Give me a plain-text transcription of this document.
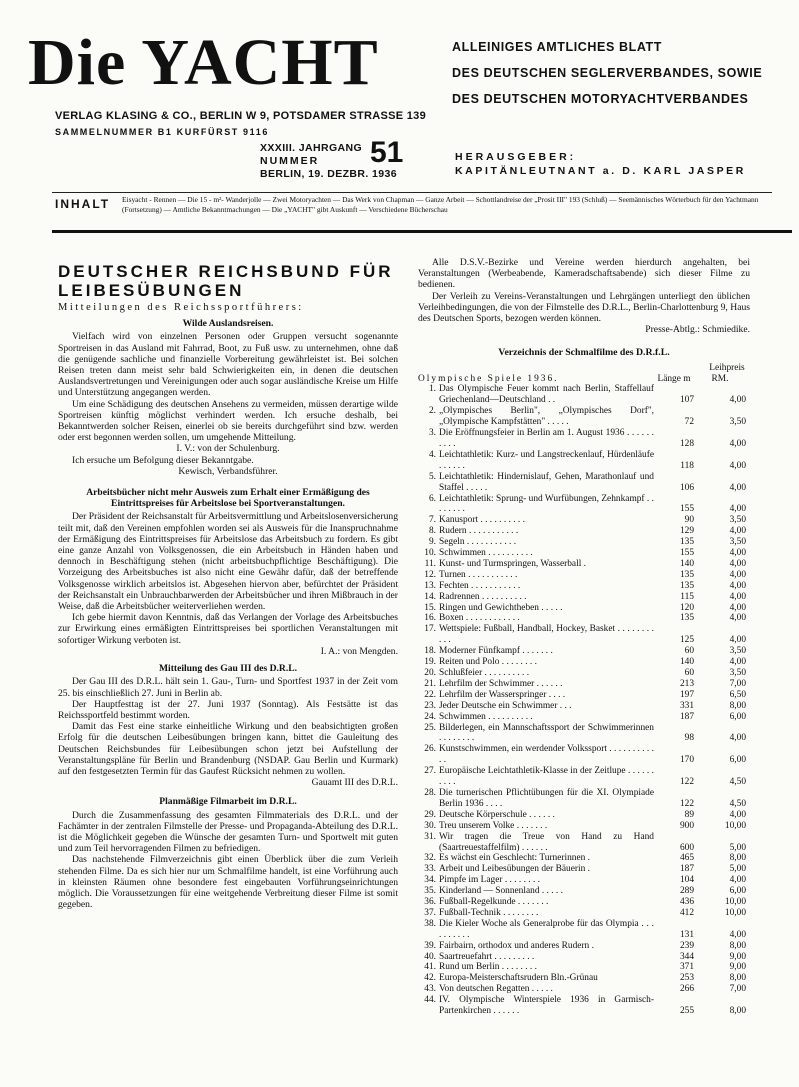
Die YACHT	ALLEINIGES AMTLICHES BLATT
DES DEUTSCHEN SEGLERVERBANDES, SOWIE
DES DEUTSCHEN MOTORYACHTVERBANDES
VERLAG KLASING & CO., BERLIN W 9, POTSDAMER STRASSE 139
SAMMELNUMMER B1 KURFÜRST 9116
XXXIII. JAHRGANG
NUMMER
BERLIN, 19. DEZBR. 1936
51	HERAUSGEBER:
KAPITÄNLEUTNANT a. D. KARL JASPER
INHALT Eisyacht - Rennen — Die 15 - m²- Wanderjolle — Zwei Motoryachten — Das Werk von Chapman — Ganze Arbeit — Schottlandreise der „Prosit III" 193 (Schluß) — Seemännisches Wörterbuch für den Yachtmann (Fortsetzung) — Amtliche Bekanntmachungen — Die „YACHT" gibt Auskunft — Verschiedene Bücherschau
DEUTSCHER REICHSBUND FÜR LEIBESÜBUNGEN
Mitteilungen des Reichssportführers:
Wilde Auslandsreisen.

Vielfach wird von einzelnen Personen oder Gruppen versucht sogenannte Sportreisen in das Ausland mit Fahrrad, Boot, zu Fuß usw. zu unternehmen, ohne daß die genügende sachliche und finanzielle Vorbereitung gewährleistet ist. Bei solchen Reisen treten dann meist sehr bald Schwierigkeiten ein, in denen die deutschen Auslandsvertretungen und Vereinigungen oder auch sogar ausländische Kreise um Hilfe und Unterstützung angegangen werden.

Um eine Schädigung des deutschen Ansehens zu vermeiden, müssen derartige wilde Sportreisen künftig möglichst verhindert werden. Ich ersuche deshalb, bei Bekanntwerden solcher Reisen, einerlei ob sie bereits durchgeführt sind bzw. werden oder erst begonnen werden sollen, um umgehende Mitteilung.

I. V.: von der Schulenburg.

Ich ersuche um Befolgung dieser Bekanntgabe.

Kewisch, Verbandsführer.

Arbeitsbücher nicht mehr Ausweis zum Erhalt einer Ermäßigung des Eintrittspreises für Arbeitslose bei Sportveranstaltungen.

Der Präsident der Reichsanstalt für Arbeitsvermittlung und Arbeitslosenversicherung teilt mit, daß den Vereinen empfohlen worden sei als Ausweis für die Inanspruchnahme der Ermäßigung des Eintrittspreises für Arbeitslose das Arbeitsbuch zu fordern. Es gibt eine ganze Anzahl von Volksgenossen, die ein Arbeitsbuch in Händen haben und dennoch in Beschäftigung stehen (nicht arbeitsbuchpflichtige Beschäftigung). Die Vorzeigung des Arbeitsbuches ist also nicht eine Gewähr dafür, daß der betreffende Volksgenosse wirklich arbeitslos ist. Abgesehen hiervon aber, befürchtet der Präsident der Reichsanstalt ein Unbrauchbarwerden der Arbeitsbücher und ihren Mißbrauch in der Weise, daß die Arbeitsbücher weiterverliehen werden.

Ich gebe hiermit davon Kenntnis, daß das Verlangen der Vorlage des Arbeitsbuches zur Erwirkung eines ermäßigten Eintrittspreises bei sportlichen Veranstaltungen mit sofortiger Wirkung verboten ist.

I. A.: von Mengden.

Mitteilung des Gau III des D.R.L.

Der Gau III des D.R.L. hält sein 1. Gau-, Turn- und Sportfest 1937 in der Zeit vom 25. bis einschließlich 27. Juni in Berlin ab.

Der Hauptfesttag ist der 27. Juni 1937 (Sonntag). Als Festsätte ist das Reichssportfeld bestimmt worden.

Damit das Fest eine starke einheitliche Wirkung und den beabsichtigten großen Erfolg für die deutschen Leibesübungen bringen kann, bittet die Gauleitung des Deutschen Reichsbundes für Leibesübungen schon jetzt bei Aufstellung der Veranstaltungspläne für Berlin und Brandenburg (NSDAP. Gau Berlin und Kurmark) auf den festgesetzten Termin für das Gaufest Rücksicht nehmen zu wollen.

Gauamt III des D.R.L.

Planmäßige Filmarbeit im D.R.L.

Durch die Zusammenfassung des gesamten Filmmaterials des D.R.L. und der Fachämter in der zentralen Filmstelle der Presse- und Propaganda-Abteilung des D.R.L. ist die Möglichkeit gegeben die Wünsche der gesamten Turn- und Sportwelt mit guten und zum Teil hervorragenden Filmen zu befriedigen.

Das nachstehende Filmverzeichnis gibt einen Überblick über die zum Verleih stehenden Filme. Da es sich hier nur um Schmalfilme handelt, ist eine Vorführung auch in kleinsten Räumen ohne besondere fest eingebauten Vorführungseinrichtungen möglich. Die Voraussetzungen für eine weitgehende Verbreitung dieser Filme ist somit gegeben.

Alle D.S.V.-Bezirke und Vereine werden hierdurch angehalten, bei Veranstaltungen (Werbeabende, Kameradschaftsabende) sich dieser Filme zu bedienen.

Der Verleih zu Vereins-Veranstaltungen und Lehrgängen unterliegt den üblichen Verleihbedingungen, die von der Filmstelle des D.R.L., Berlin-Charlottenburg 9, Haus des Deutschen Sports, bezogen werden können.

Presse-Abtlg.: Schmiedike.

Verzeichnis der Schmalfilme des D.R.f.L.
Olympische Spiele 1936.		Länge m	Leihpreis RM.
1.	Das Olympische Feuer kommt nach Berlin, Staffellauf Griechenland—Deutschland . .	107	4,00
2.	„Olympisches Berlin", „Olympisches Dorf", „Olympische Kampfstätten" . . . . .	72	3,50
3.	Die Eröffnungsfeier in Berlin am 1. August 1936 . . . . . . . . . .	128	4,00
4.	Leichtathletik: Kurz- und Langstreckenlauf, Hürdenläufe . . . . . .	118	4,00
5.	Leichtathletik: Hindernislauf, Gehen, Marathonlauf und Staffel . . . . .	106	4,00
6.	Leichtathletik: Sprung- und Wurfübungen, Zehnkampf . . . . . . . .	155	4,00
7.	Kanusport . . . . . . . . . .	90	3,50
8.	Rudern . . . . . . . . . . .	129	4,00
9.	Segeln . . . . . . . . . . .	135	3,50
10.	Schwimmen . . . . . . . . . .	155	4,00
11.	Kunst- und Turmspringen, Wasserball .	140	4,00
12.	Turnen . . . . . . . . . . .	135	4,00
13.	Fechten . . . . . . . . . . .	135	4,00
14.	Radrennen . . . . . . . . . .	115	4,00
15.	Ringen und Gewichtheben . . . . .	120	4,00
16.	Boxen . . . . . . . . . . . .	135	4,00
17.	Wettspiele: Fußball, Handball, Hockey, Basket . . . . . . . . . . .	125	4,00
18.	Moderner Fünfkampf . . . . . . .	60	3,50
19.	Reiten und Polo . . . . . . . .	140	4,00
20.	Schlußfeier . . . . . . . . . .	60	3,50
21.	Lehrfilm der Schwimmer . . . . . .	213	7,00
22.	Lehrfilm der Wasserspringer . . . .	197	6,50
23.	Jeder Deutsche ein Schwimmer . . .	331	8,00
24.	Schwimmen . . . . . . . . . .	187	6,00
25.	Bilderlegen, ein Mannschaftssport der Schwimmerinnen . . . . . . . .	98	4,00
26.	Kunstschwimmen, ein werdender Volkssport . . . . . . . . . . . .	170	6,00
27.	Europäische Leichtathletik-Klasse in der Zeitlupe . . . . . . . . . .	122	4,50
28.	Die turnerischen Pflichtübungen für die XI. Olympiade Berlin 1936 . . . .	122	4,50
29.	Deutsche Körperschule . . . . . .	89	4,00
30.	Treu unserem Volke . . . . . . .	900	10,00
31.	Wir tragen die Treue von Hand zu Hand (Saartreuestaffelfilm) . . . . . .	600	5,00
32.	Es wächst ein Geschlecht: Turnerinnen .	465	8,00
33.	Arbeit und Leibesübungen der Bäuerin .	187	5,00
34.	Pimpfe im Lager . . . . . . . .	104	4,00
35.	Kinderland — Sonnenland . . . . .	289	6,00
36.	Fußball-Regelkunde . . . . . . .	436	10,00
37.	Fußball-Technik . . . . . . . .	412	10,00
38.	Die Kieler Woche als Generalprobe für das Olympia . . . . . . . . . .	131	4,00
39.	Fairbairn, orthodox und anderes Rudern .	239	8,00
40.	Saartreuefahrt . . . . . . . . .	344	9,00
41.	Rund um Berlin . . . . . . . .	371	9,00
42.	Europa-Meisterschaftsrudern Bln.-Grünau	253	8,00
43.	Von deutschen Regatten . . . . .	266	7,00
44.	IV. Olympische Winterspiele 1936 in Garmisch-Partenkirchen . . . . . .	255	8,00
